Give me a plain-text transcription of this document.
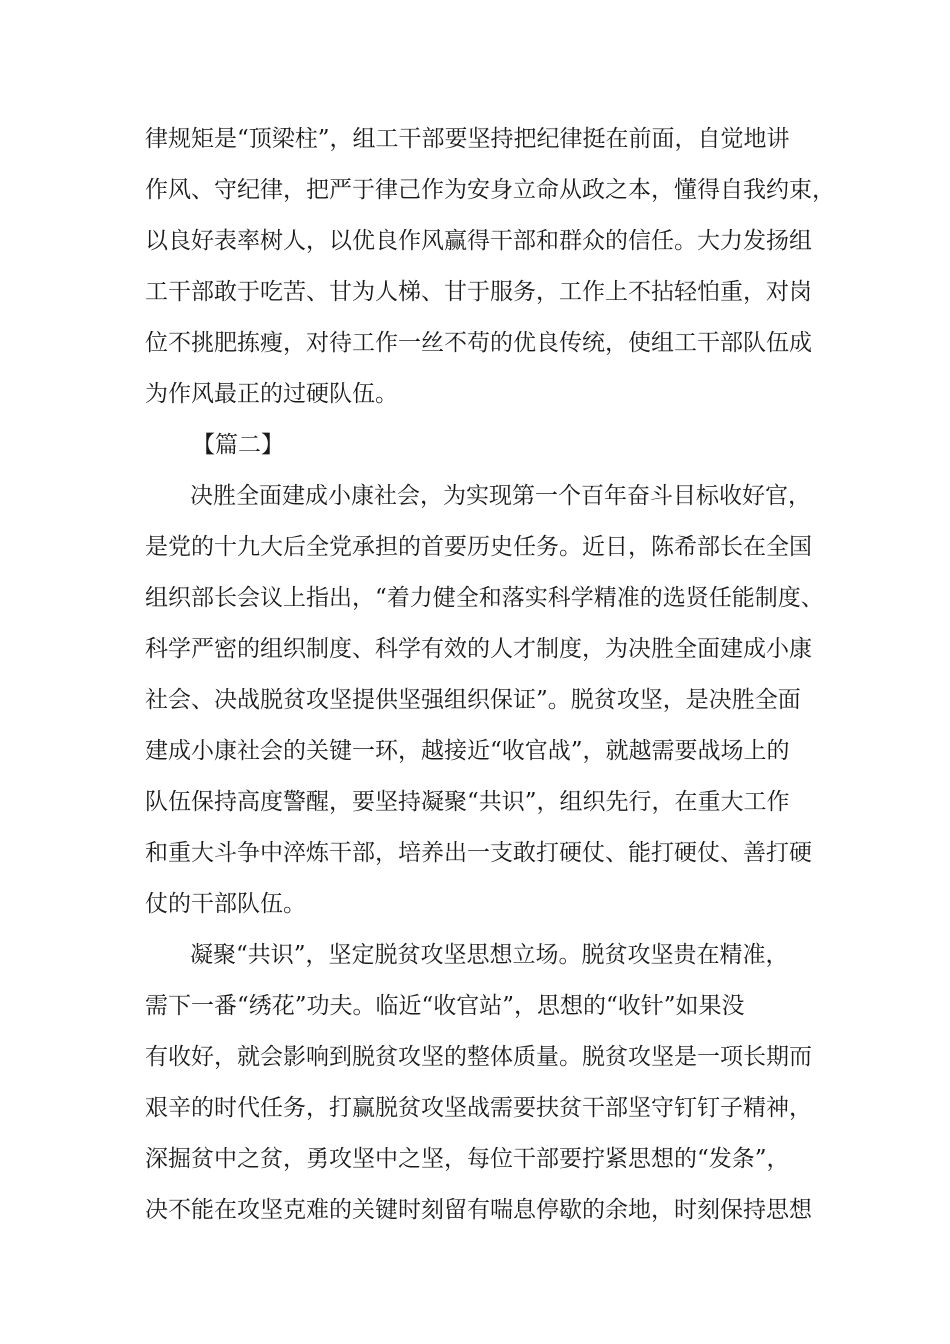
律规矩是“顶梁柱”，组工干部要坚持把纪律挺在前面，自觉地讲
作风、守纪律，把严于律己作为安身立命从政之本，懂得自我约束，
以良好表率树人，以优良作风赢得干部和群众的信任。大力发扬组
工干部敢于吃苦、甘为人梯、甘于服务，工作上不拈轻怕重，对岗
位不挑肥拣瘦，对待工作一丝不苟的优良传统，使组工干部队伍成
为作风最正的过硬队伍。
【篇二】
决胜全面建成小康社会，为实现第一个百年奋斗目标收好官，
是党的十九大后全党承担的首要历史任务。近日，陈希部长在全国
组织部长会议上指出，“着力健全和落实科学精准的选贤任能制度、
科学严密的组织制度、科学有效的人才制度，为决胜全面建成小康
社会、决战脱贫攻坚提供坚强组织保证”。脱贫攻坚，是决胜全面
建成小康社会的关键一环，越接近“收官战”，就越需要战场上的
队伍保持高度警醒，要坚持凝聚“共识”，组织先行，在重大工作
和重大斗争中淬炼干部，培养出一支敢打硬仗、能打硬仗、善打硬
仗的干部队伍。
凝聚“共识”，坚定脱贫攻坚思想立场。脱贫攻坚贵在精准，
需下一番“绣花”功夫。临近“收官站”，思想的“收针”如果没
有收好，就会影响到脱贫攻坚的整体质量。脱贫攻坚是一项长期而
艰辛的时代任务，打赢脱贫攻坚战需要扶贫干部坚守钉钉子精神，
深掘贫中之贫，勇攻坚中之坚，每位干部要拧紧思想的“发条”，
决不能在攻坚克难的关键时刻留有喘息停歇的余地，时刻保持思想
